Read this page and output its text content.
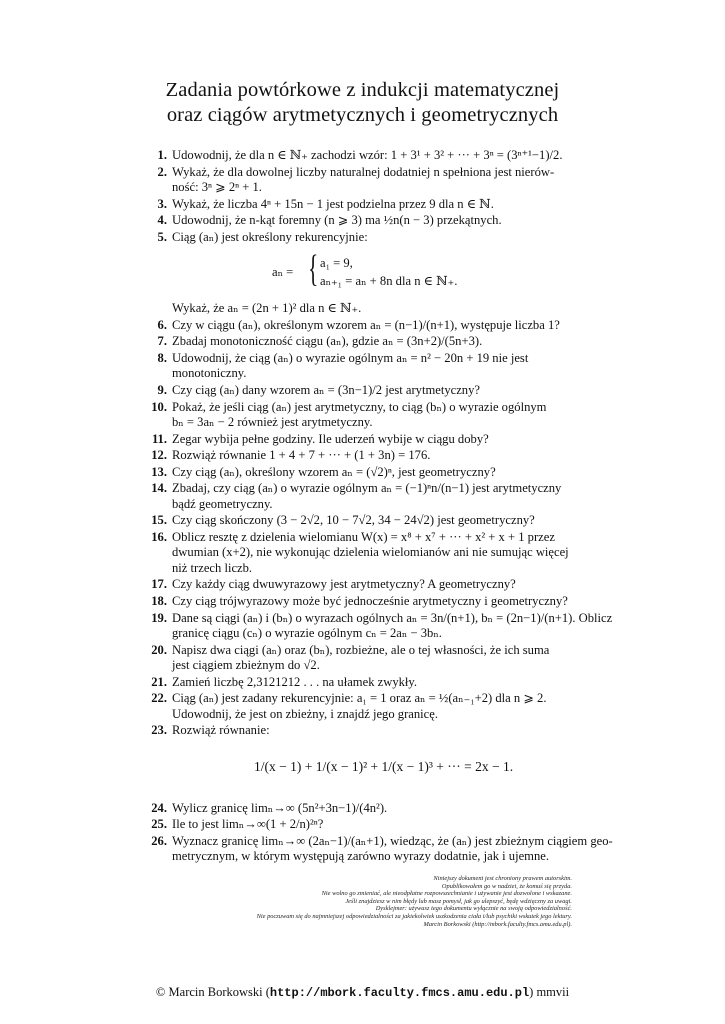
Zadania powtórkowe z indukcji matematycznej
oraz ciągów arytmetycznych i geometrycznych
1. Udowodnij, że dla n ∈ ℕ₊ zachodzi wzór: 1 + 3¹ + 3² + ··· + 3ⁿ = (3ⁿ⁺¹−1)/2.
2. Wykaż, że dla dowolnej liczby naturalnej dodatniej n spełniona jest nierów-
ność: 3ⁿ ⩾ 2ⁿ + 1.
3. Wykaż, że liczba 4ⁿ + 15n − 1 jest podzielna przez 9 dla n ∈ ℕ.
4. Udowodnij, że n-kąt foremny (n ⩾ 3) ma ½n(n − 3) przekątnych.
5. Ciąg (aₙ) jest określony rekurencyjnie:
{
aₙ =
a₁ = 9,
aₙ₊₁ = aₙ + 8n dla n ∈ ℕ₊.
Wykaż, że aₙ = (2n + 1)² dla n ∈ ℕ₊.
6. Czy w ciągu (aₙ), określonym wzorem aₙ = (n−1)/(n+1), występuje liczba 1?
7. Zbadaj monotoniczność ciągu (aₙ), gdzie aₙ = (3n+2)/(5n+3).
8. Udowodnij, że ciąg (aₙ) o wyrazie ogólnym aₙ = n² − 20n + 19 nie jest
monotoniczny.
9. Czy ciąg (aₙ) dany wzorem aₙ = (3n−1)/2 jest arytmetyczny?
10. Pokaż, że jeśli ciąg (aₙ) jest arytmetyczny, to ciąg (bₙ) o wyrazie ogólnym
bₙ = 3aₙ − 2 również jest arytmetyczny.
11. Zegar wybija pełne godziny. Ile uderzeń wybije w ciągu doby?
12. Rozwiąż równanie 1 + 4 + 7 + ··· + (1 + 3n) = 176.
13. Czy ciąg (aₙ), określony wzorem aₙ = (√2)ⁿ, jest geometryczny?
14. Zbadaj, czy ciąg (aₙ) o wyrazie ogólnym aₙ = (−1)ⁿn/(n−1) jest arytmetyczny
bądź geometryczny.
15. Czy ciąg skończony (3 − 2√2, 10 − 7√2, 34 − 24√2) jest geometryczny?
16. Oblicz resztę z dzielenia wielomianu W(x) = x⁸ + x⁷ + ··· + x² + x + 1 przez
dwumian (x+2), nie wykonując dzielenia wielomianów ani nie sumując więcej
niż trzech liczb.
17. Czy każdy ciąg dwuwyrazowy jest arytmetyczny? A geometryczny?
18. Czy ciąg trójwyrazowy może być jednocześnie arytmetyczny i geometryczny?
19. Dane są ciągi (aₙ) i (bₙ) o wyrazach ogólnych aₙ = 3n/(n+1), bₙ = (2n−1)/(n+1). Oblicz
granicę ciągu (cₙ) o wyrazie ogólnym cₙ = 2aₙ − 3bₙ.
20. Napisz dwa ciągi (aₙ) oraz (bₙ), rozbieżne, ale o tej własności, że ich suma
jest ciągiem zbieżnym do √2.
21. Zamień liczbę 2,3121212 . . . na ułamek zwykły.
22. Ciąg (aₙ) jest zadany rekurencyjnie: a₁ = 1 oraz aₙ = ½(aₙ₋₁+2) dla n ⩾ 2.
Udowodnij, że jest on zbieżny, i znajdź jego granicę.
23. Rozwiąż równanie:
1/(x − 1) + 1/(x − 1)² + 1/(x − 1)³ + ··· = 2x − 1.
24. Wylicz granicę limₙ→∞ (5n²+3n−1)/(4n²).
25. Ile to jest limₙ→∞(1 + 2/n)²ⁿ?
26. Wyznacz granicę limₙ→∞ (2aₙ−1)/(aₙ+1), wiedząc, że (aₙ) jest zbieżnym ciągiem geo-
metrycznym, w którym występują zarówno wyrazy dodatnie, jak i ujemne.
Niniejszy dokument jest chroniony prawem autorskim.
Opublikowałem go w nadziei, że komuś się przyda.
Nie wolno go zmieniać, ale nieodpłatne rozpowszechnianie i używanie jest dozwolone i wskazane.
Jeśli znajdziesz w nim błędy lub masz pomysł, jak go ulepszyć, będę wdzięczny za uwagi.
Dysklejmer: używasz tego dokumentu wyłącznie na swoją odpowiedzialność.
Nie poczuwam się do najmniejszej odpowiedzialności za jakiekolwiek uszkodzenia ciała i/lub psychiki wskutek jego lektury.
Marcin Borkowski (http://mbork.faculty.fmcs.amu.edu.pl).
© Marcin Borkowski (http://mbork.faculty.fmcs.amu.edu.pl) mmvii
